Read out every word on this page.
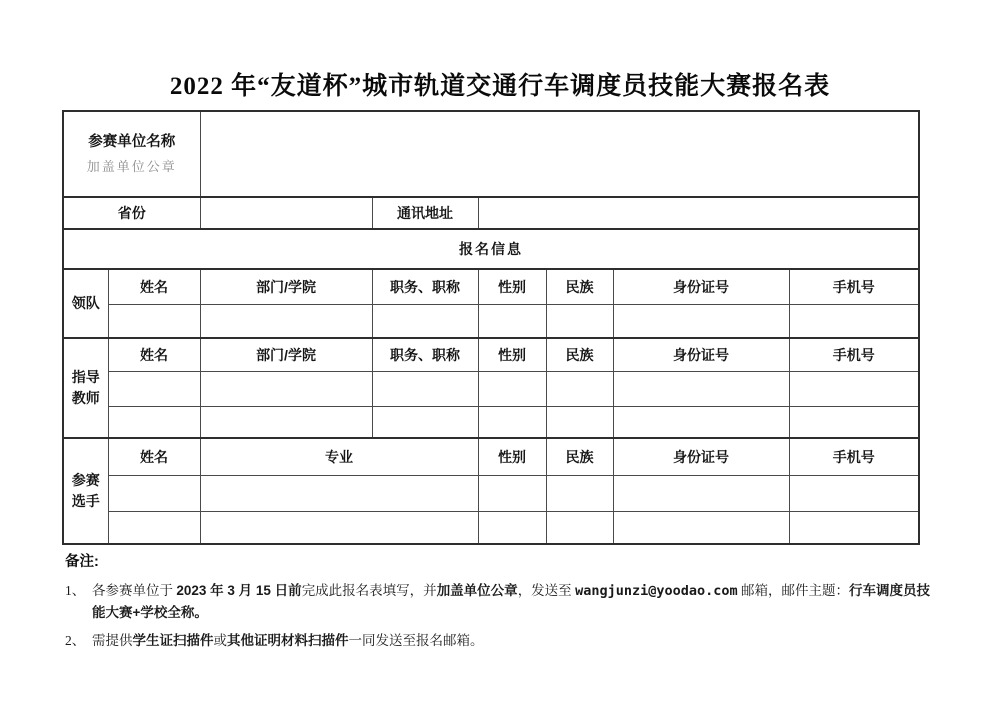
2022 年“友道杯”城市轨道交通行车调度员技能大赛报名表
参赛单位名称
加盖单位公章							

省份			通讯地址				
报名信息							
领队	姓名	部门/学院	职务、职称	性别	民族	身份证号	手机号

指导教师	姓名	部门/学院	职务、职称	性别	民族	身份证号	手机号

参赛选手	姓名	专业		性别	民族	身份证号	手机号

备注:
1、 各参赛单位于 2023 年 3 月 15 日前完成此报名表填写，并加盖单位公章，发送至 wangjunzi@yoodao.com 邮箱，邮件主题：行车调度员技能大赛+学校全称。
2、 需提供学生证扫描件或其他证明材料扫描件一同发送至报名邮箱。
